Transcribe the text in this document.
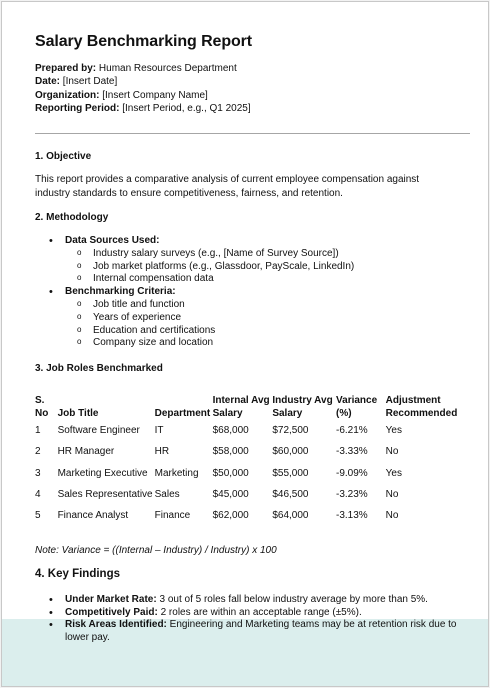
Salary Benchmarking Report
Prepared by: Human Resources Department
Date: [Insert Date]
Organization: [Insert Company Name]
Reporting Period: [Insert Period, e.g., Q1 2025]
1. Objective
This report provides a comparative analysis of current employee compensation against industry standards to ensure competitiveness, fairness, and retention.
2. Methodology
• Data Sources Used:
o Industry salary surveys (e.g., [Name of Survey Source])
o Job market platforms (e.g., Glassdoor, PayScale, LinkedIn)
o Internal compensation data
• Benchmarking Criteria:
o Job title and function
o Years of experience
o Education and certifications
o Company size and location
3. Job Roles Benchmarked
S. No	Job Title	Department	Internal Avg Salary	Industry Avg Salary	Variance (%)	Adjustment Recommended
1	Software Engineer	IT	$68,000	$72,500	-6.21%	Yes
2	HR Manager	HR	$58,000	$60,000	-3.33%	No
3	Marketing Executive	Marketing	$50,000	$55,000	-9.09%	Yes
4	Sales Representative	Sales	$45,000	$46,500	-3.23%	No
5	Finance Analyst	Finance	$62,000	$64,000	-3.13%	No
Note: Variance = ((Internal – Industry) / Industry) x 100
4. Key Findings
• Under Market Rate: 3 out of 5 roles fall below industry average by more than 5%.
• Competitively Paid: 2 roles are within an acceptable range (±5%).
• Risk Areas Identified: Engineering and Marketing teams may be at retention risk due to lower pay.
